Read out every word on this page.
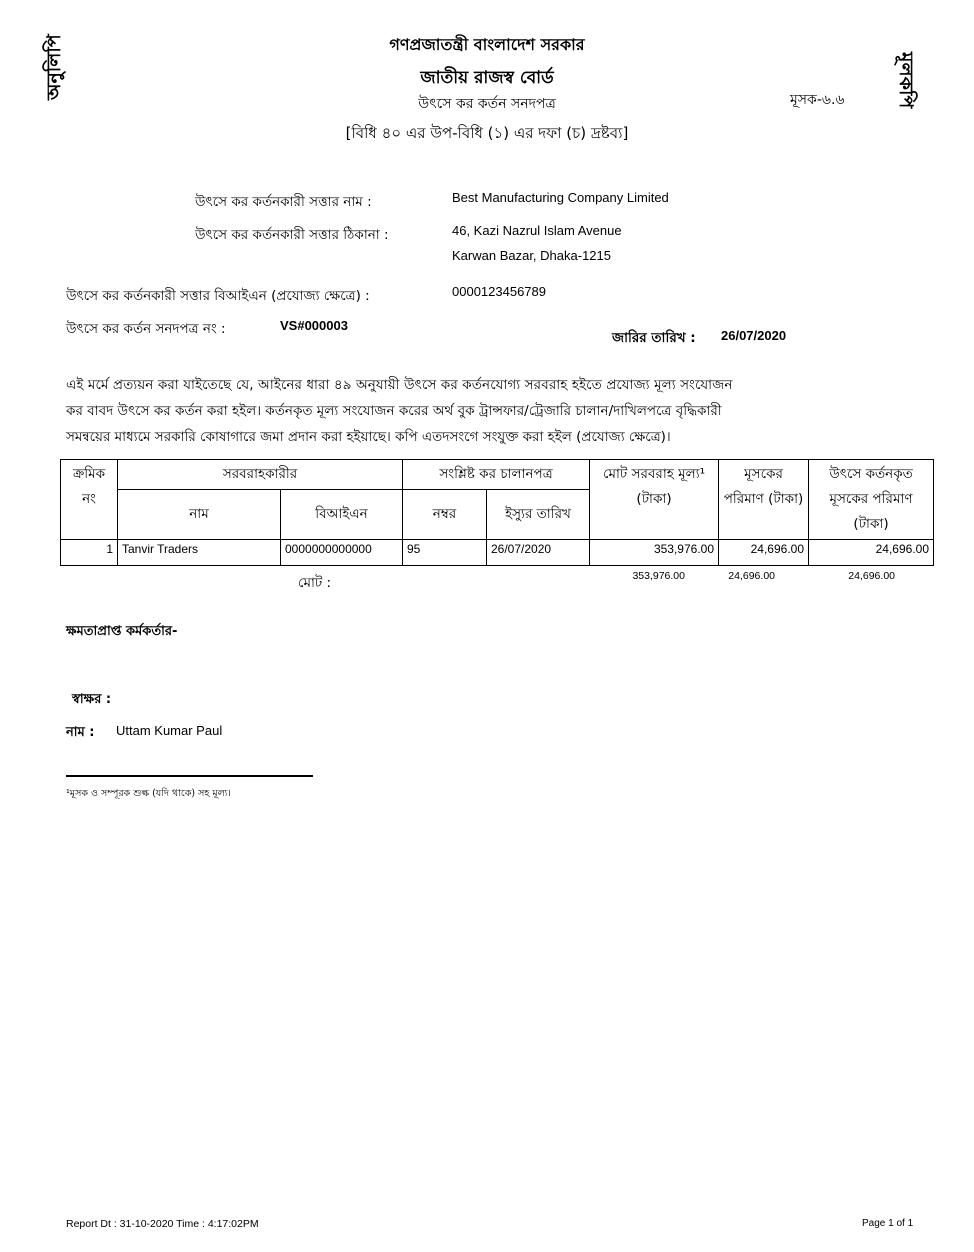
অনুলিপি	মূলকপি
গণপ্রজাতন্ত্রী বাংলাদেশ সরকার
জাতীয় রাজস্ব বোর্ড
উৎসে কর কর্তন সনদপত্র
[বিধি ৪০ এর উপ-বিধি (১) এর দফা (চ) দ্রষ্টব্য]
মূসক-৬.৬
উৎসে কর কর্তনকারী সত্তার নাম :	Best Manufacturing Company Limited
উৎসে কর কর্তনকারী সত্তার ঠিকানা :	46, Kazi Nazrul Islam Avenue
Karwan Bazar, Dhaka-1215
উৎসে কর কর্তনকারী সত্তার বিআইএন (প্রযোজ্য ক্ষেত্রে) :	0000123456789
উৎসে কর কর্তন সনদপত্র নং :	VS#000003
জারির তারিখ : 26/07/2020
এই মর্মে প্রত্যয়ন করা যাইতেছে যে, আইনের ধারা ৪৯ অনুযায়ী উৎসে কর কর্তনযোগ্য সরবরাহ হইতে প্রযোজ্য মূল্য সংযোজন
কর বাবদ উৎসে কর কর্তন করা হইল। কর্তনকৃত মূল্য সংযোজন করের অর্থ বুক ট্রান্সফার/ট্রেজারি চালান/দাখিলপত্রে বৃদ্ধিকারী
সমন্বয়ের মাধ্যমে সরকারি কোষাগারে জমা প্রদান করা হইয়াছে। কপি এতদসংগে সংযুক্ত করা হইল (প্রযোজ্য ক্ষেত্রে)।
ক্রমিক নং	সরবরাহকারীর		সংশ্লিষ্ট কর চালানপত্র		মোট সরবরাহ মূল্য¹ (টাকা)	মূসকের পরিমাণ (টাকা)	উৎসে কর্তনকৃত মূসকের পরিমাণ (টাকা)
	নাম	বিআইএন	নম্বর	ইস্যুর তারিখ			
1	Tanvir Traders	0000000000000	95	26/07/2020	353,976.00	24,696.00	24,696.00
মোট :	353,976.00	24,696.00	24,696.00
ক্ষমতাপ্রাপ্ত কর্মকর্তার-
স্বাক্ষর :
নাম : Uttam Kumar Paul
¹মূসক ও সম্পূরক শুল্ক (যদি থাকে) সহ মূল্য।
Report Dt : 31-10-2020 Time : 4:17:02PM	Page 1 of 1
